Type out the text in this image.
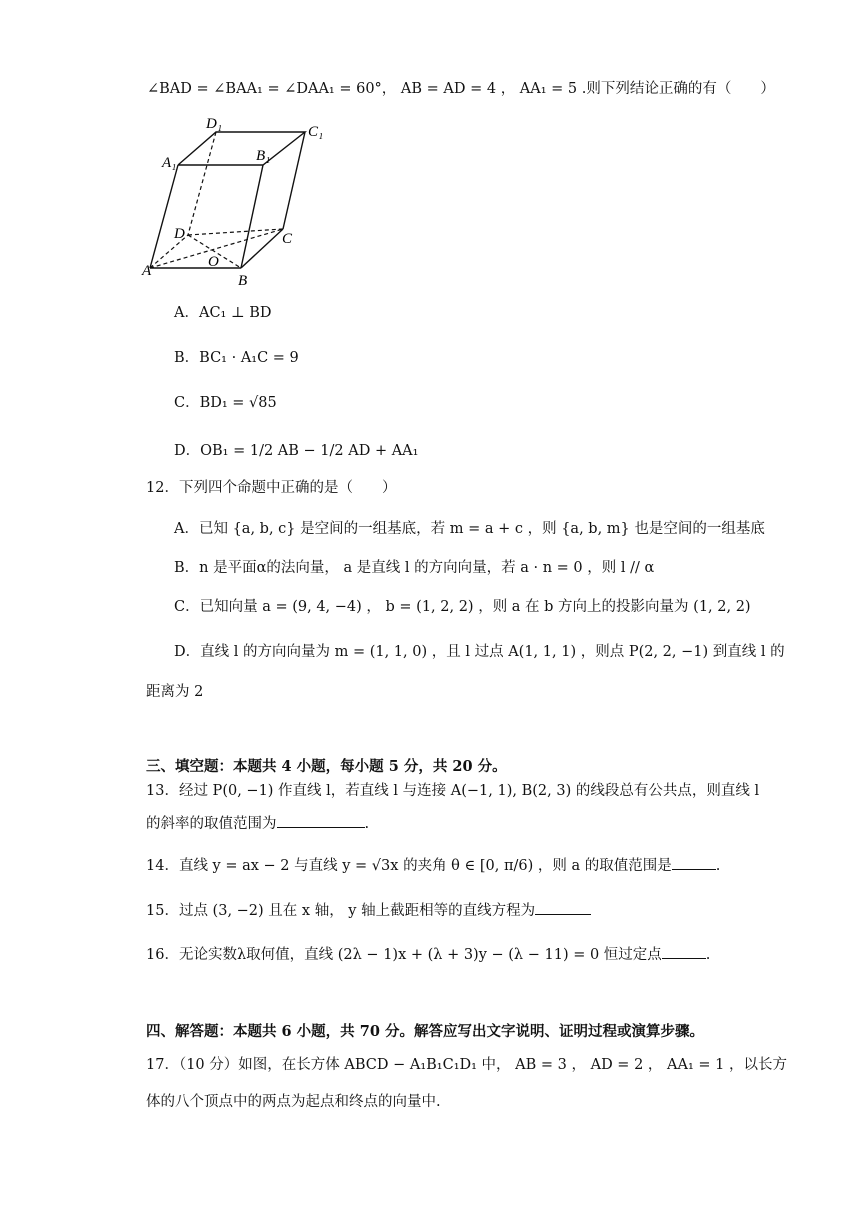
∠BAD = ∠BAA₁ = ∠DAA₁ = 60°， AB = AD = 4 ， AA₁ = 5 .则下列结论正确的有（　　）
D₁	C₁
A₁	B₁
D	C
O
A
B
A．AC₁ ⊥ BD
B．BC₁ · A₁C = 9
C．BD₁ = √85
D．OB₁ = 1/2 AB − 1/2 AD + AA₁
12．下列四个命题中正确的是（　　）
A．已知 {a, b, c} 是空间的一组基底，若 m = a + c ，则 {a, b, m} 也是空间的一组基底
B．n 是平面α的法向量， a 是直线 l 的方向向量，若 a · n = 0 ，则 l // α
C．已知向量 a = (9, 4, −4) ， b = (1, 2, 2) ，则 a 在 b 方向上的投影向量为 (1, 2, 2)
D．直线 l 的方向向量为 m = (1, 1, 0) ，且 l 过点 A(1, 1, 1) ，则点 P(2, 2, −1) 到直线 l 的
距离为 2
三、填空题：本题共 4 小题，每小题 5 分，共 20 分。
13．经过 P(0, −1) 作直线 l，若直线 l 与连接 A(−1, 1), B(2, 3) 的线段总有公共点，则直线 l
的斜率的取值范围为	.
14．直线 y = ax − 2 与直线 y = √3x 的夹角 θ ∈ [0, π/6) ，则 a 的取值范围是	.
15．过点 (3, −2) 且在 x 轴， y 轴上截距相等的直线方程为
16．无论实数λ取何值，直线 (2λ − 1)x + (λ + 3)y − (λ − 11) = 0 恒过定点	.
四、解答题：本题共 6 小题，共 70 分。解答应写出文字说明、证明过程或演算步骤。
17．（10 分）如图，在长方体 ABCD − A₁B₁C₁D₁ 中， AB = 3 ， AD = 2 ， AA₁ = 1 ，以长方
体的八个顶点中的两点为起点和终点的向量中.
